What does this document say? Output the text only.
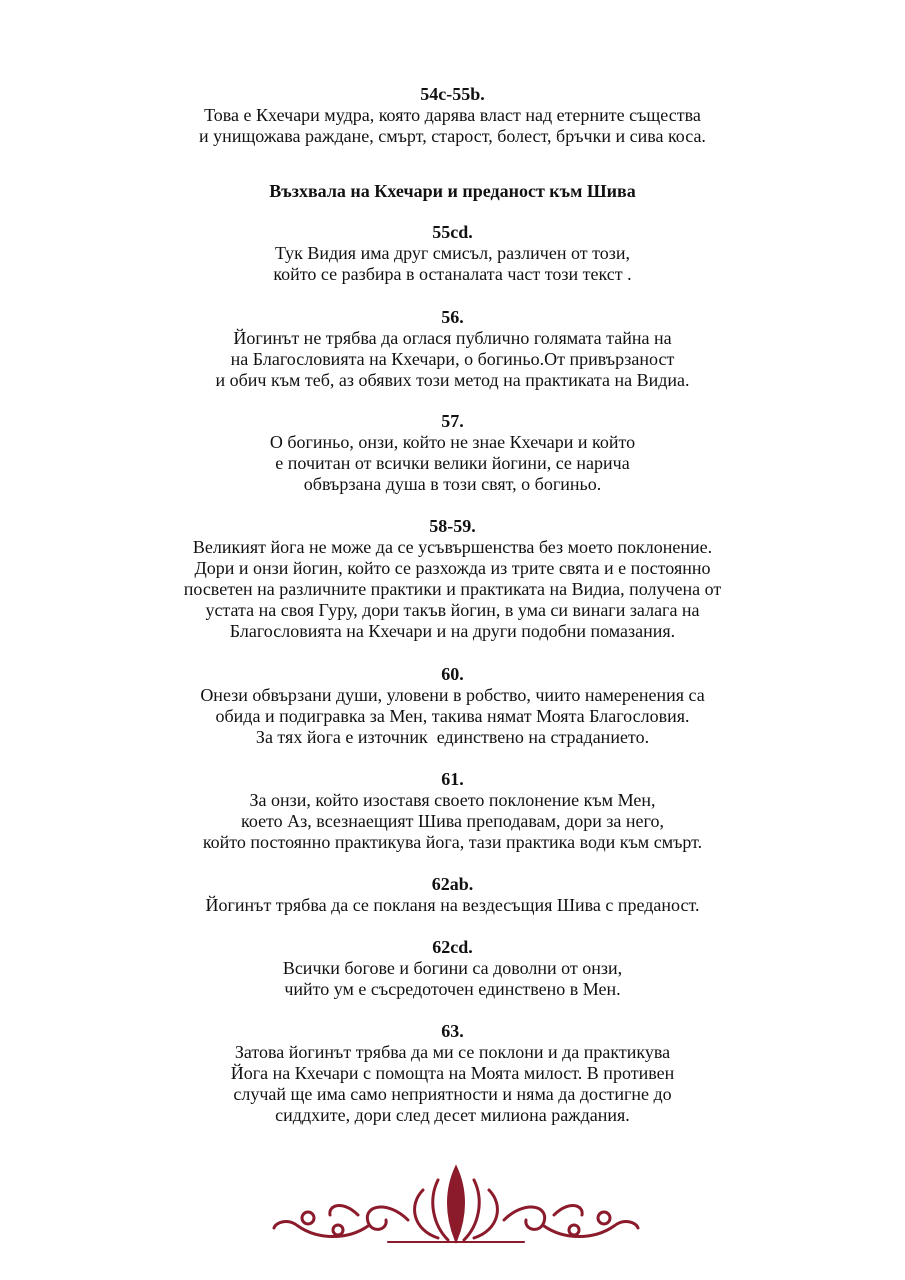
Възхвала на Кхечари и преданост към Шива
54c-55b.
Това е Кхечари мудра, която дарява власт над етерните същества
и унищожава раждане, смърт, старост, болест, бръчки и сива коса.
55cd.
Тук Видия има друг смисъл, различен от този,
който се разбира в останалата част този текст .
56.
Йогинът не трябва да оглася публично голямата тайна на
на Благословията на Кхечари, о богиньо.От привързаност
и обич към теб, аз обявих този метод на практиката на Видиа.
57.
О богиньо, онзи, който не знае Кхечари и който
е почитан от всички велики йогини, се нарича
обвързана душа в този свят, о богиньо.
58-59.
Великият йога не може да се усъвършенства без моето поклонение.
Дори и онзи йогин, който се разхожда из трите свята и е постоянно
посветен на различните практики и практиката на Видиа, получена от
устата на своя Гуру, дори такъв йогин, в ума си винаги залага на
Благословията на Кхечари и на други подобни помазания.
60.
Онези обвързани души, уловени в робство, чиито намеренения са
обида и подигравка за Мен, такива нямат Моята Благословия.
За тях йога е източник  единствено на страданието.
61.
За онзи, който изоставя своето поклонение към Мен,
което Аз, всезнаещият Шива преподавам, дори за него,
който постоянно практикува йога, тази практика води към смърт.
62ab.
Йогинът трябва да се покланя на вездесъщия Шива с преданост.
62cd.
Всички богове и богини са доволни от онзи,
чийто ум е съсредоточен единствено в Мен.
63.
Затова йогинът трябва да ми се поклони и да практикува
Йога на Кхечари с помощта на Моята милост. В противен
случай ще има само неприятности и няма да достигне до
сиддхите, дори след десет милиона раждания.
